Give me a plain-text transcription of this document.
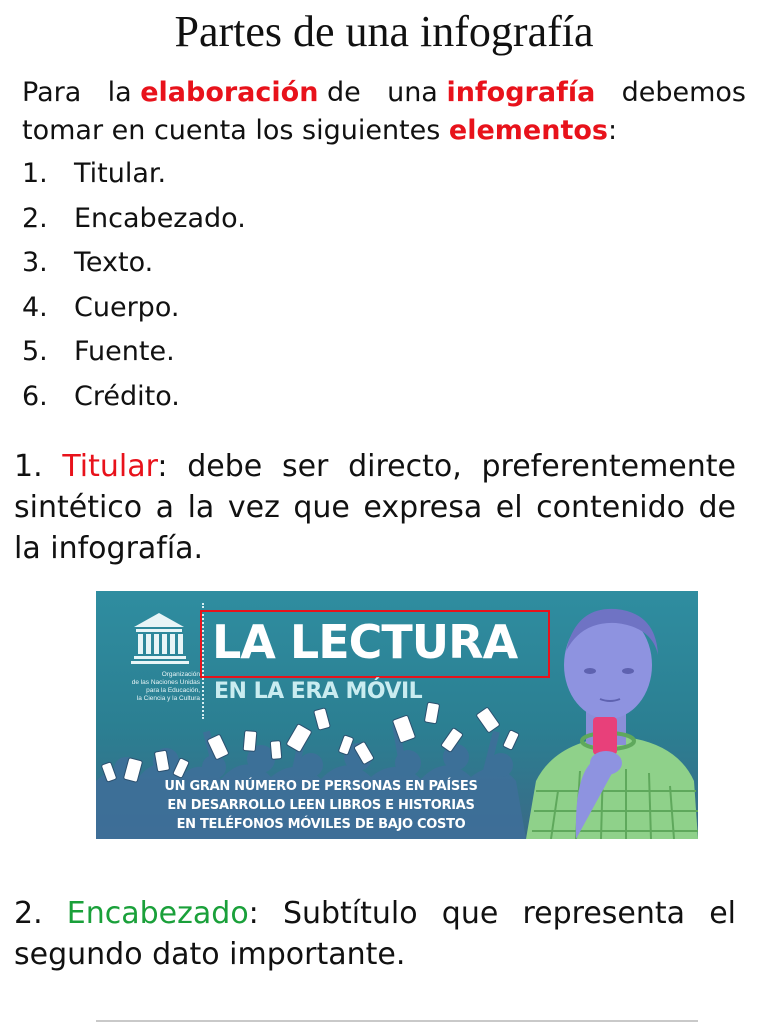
Partes de una infografía
Para la elaboración de una infografía debemos
tomar en cuenta los siguientes elementos:
1. Titular.
2. Encabezado.
3. Texto.
4. Cuerpo.
5. Fuente.
6. Crédito.
1. Titular: debe ser directo, preferentemente sintético a la vez que expresa el contenido de la infografía.
Organización
de las Naciones Unidas
para la Educación,
la Ciencia y la Cultura
LA LECTURA
EN LA ERA MÓVIL
UN GRAN NÚMERO DE PERSONAS EN PAÍSES
EN DESARROLLO LEEN LIBROS E HISTORIAS
EN TELÉFONOS MÓVILES DE BAJO COSTO
2. Encabezado: Subtítulo que representa el segundo dato importante.
